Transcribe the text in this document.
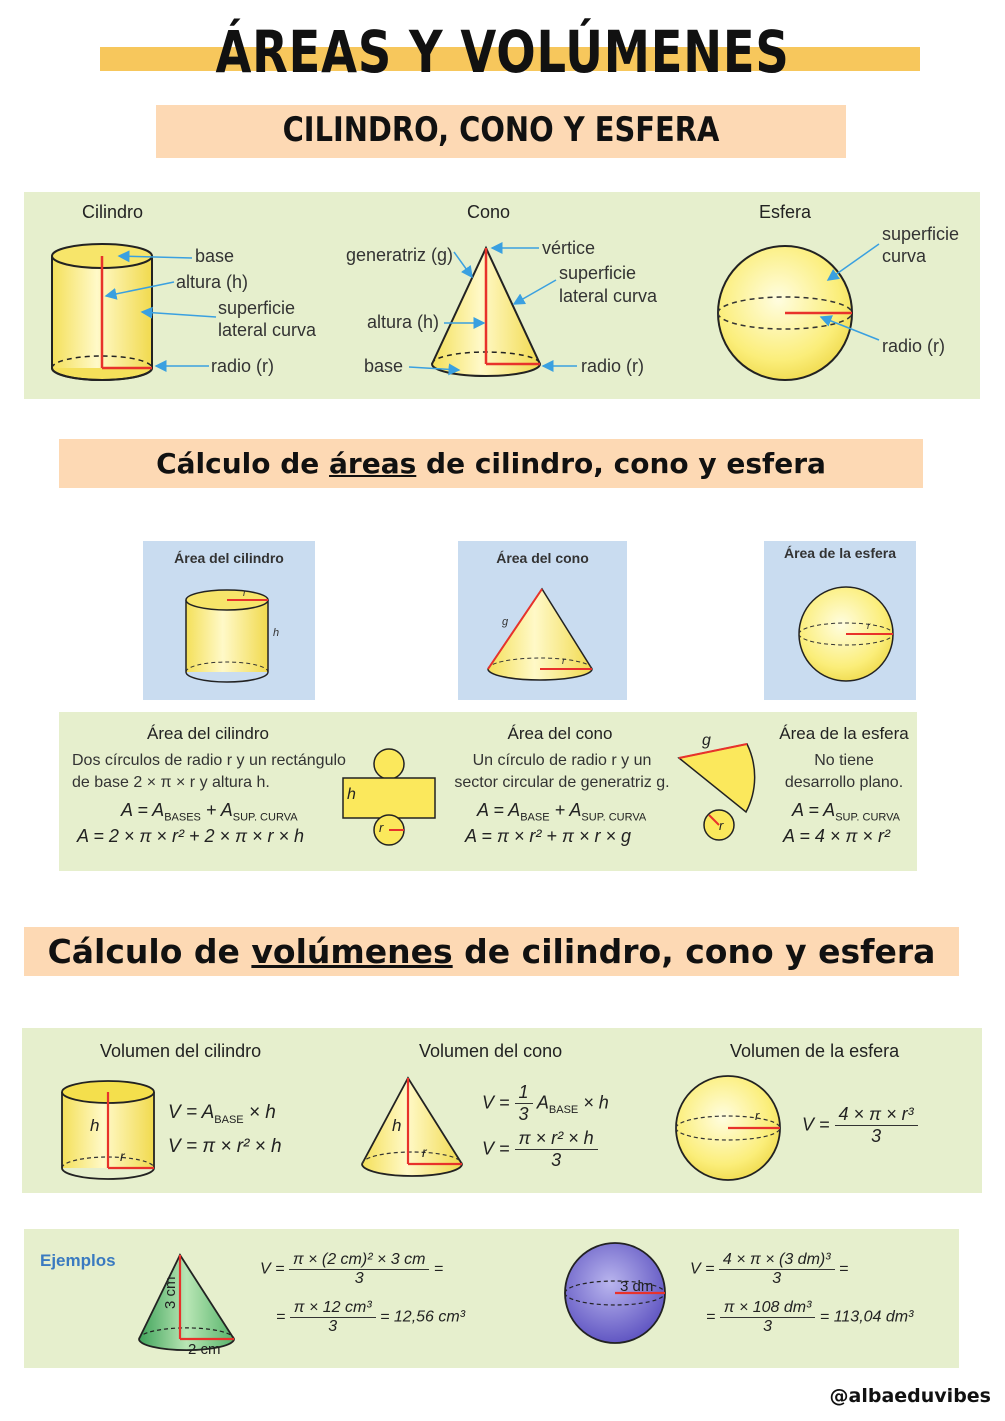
ÁREAS Y VOLÚMENES
CILINDRO, CONO Y ESFERA
Cilindro	Cono	Esfera
base
altura (h)
superficie
lateral curva
radio (r)
generatriz (g)	vértice
superficie
lateral curva
altura (h)
base	radio (r)
superficie
curva
radio (r)
Cálculo de áreas de cilindro, cono y esfera
Área del cilindro
r
h
Área del cono
g
r
Área de la esfera
r
Área del cilindro
Dos círculos de radio r y un rectángulo
de base 2 × π × r y altura h.
$A = A_{BASES} + A_{SUP. CURVA}$
A = 2 × π × r² + 2 × π × r × h
h
r
g
r
Área del cono
Un círculo de radio r y un
sector circular de generatriz g.
$A = A_{BASE} + A_{SUP. CURVA}$
A = π × r² + π × r × g
Área de la esfera
No tiene
desarrollo plano.
$A = A_{SUP. CURVA}$
A = 4 × π × r²
Cálculo de volúmenes de cilindro, cono y esfera
Volumen del cilindro	Volumen del cono	Volumen de la esfera
h
r
h
r
r
$V = A_{BASE} \times h$
V = π × r² × h
$V = \frac{1}{3} A_{BASE} \times h$
$V = \frac{\text{π × r² × h}}{3}$
$V = \frac{\text{4 × π × r³}}{3}$
Ejemplos
3 cm
2 cm
3 dm
$V = \frac{\text{π × (2 cm)² × 3 cm}}{3}$ =
= $\frac{\text{π × 12 cm³}}{3} = 12,56$ cm³
$V = \frac{\text{4 × π × (3 dm)³}}{3}$ =
= $\frac{\text{π × 108 dm³}}{3} = 113,04$ dm³
@albaeduvibes
